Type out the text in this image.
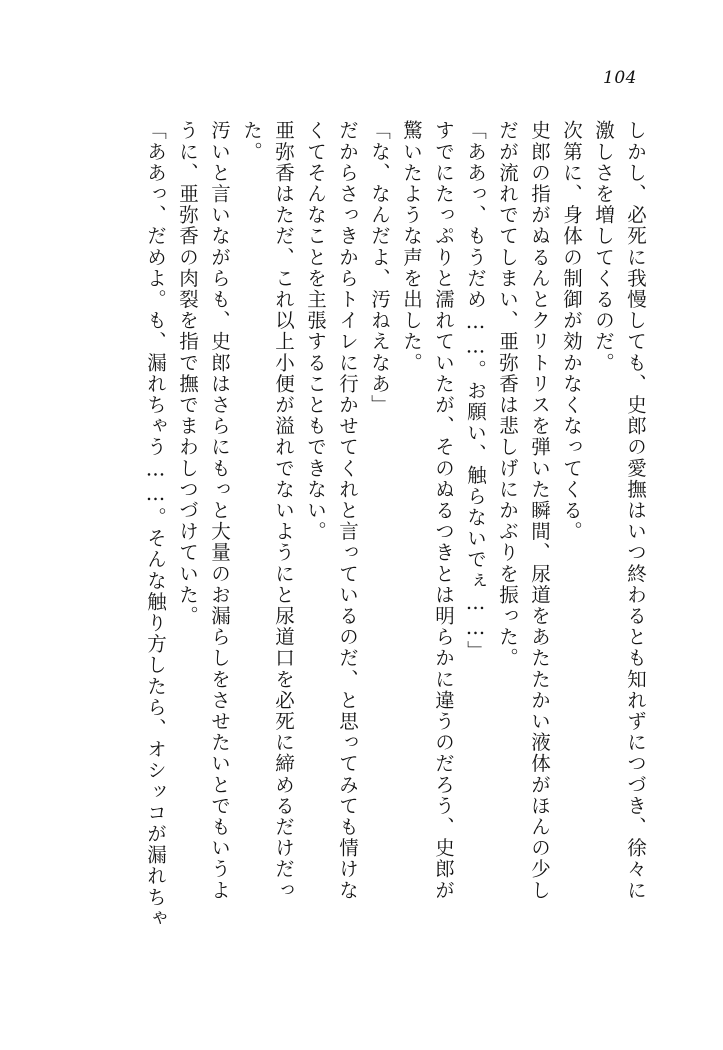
104
しかし、必死に我慢しても、史郎の愛撫はいつ終わるとも知れずにつづき、徐々に
激しさを増してくるのだ。
次第に、身体の制御が効かなくなってくる。
史郎の指がぬるんとクリトリスを弾いた瞬間、尿道をあたたかい液体がほんの少し
だが流れでてしまい、亜弥香は悲しげにかぶりを振った。
「ああっ、もうだめ……。お願い、触らないでぇ……」
すでにたっぷりと濡れていたが、そのぬるつきとは明らかに違うのだろう、史郎が
驚いたような声を出した。
「な、なんだよ、汚ねえなあ」
だからさっきからトイレに行かせてくれと言っているのだ、と思ってみても情けな
くてそんなことを主張することもできない。
亜弥香はただ、これ以上小便が溢れでないようにと尿道口を必死に締めるだけだっ
た。
汚いと言いながらも、史郎はさらにもっと大量のお漏らしをさせたいとでもいうよ
うに、亜弥香の肉裂を指で撫でまわしつづけていた。
「ああっ、だめよ。も、漏れちゃう……。そんな触り方したら、オシッコが漏れちゃ
